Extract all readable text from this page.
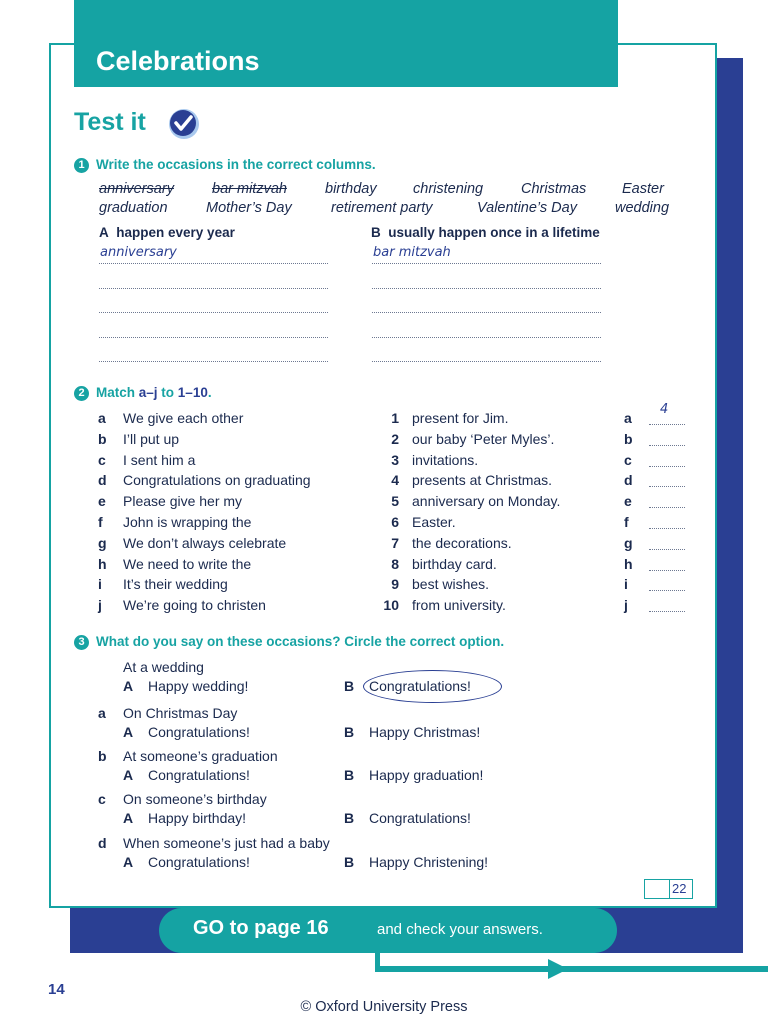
Celebrations
Test it
1 Write the occasions in the correct columns.
anniversary	bar mitzvah	birthday	christening	Christmas Easter
graduation	Mother’s Day	retirement party	Valentine’s Day	wedding
A happen every year	B usually happen once in a lifetime
anniversary	bar mitzvah
2 Match a–j to 1–10.
a We give each other	1 present for Jim.	a
b I’ll put up	2 our baby ‘Peter Myles’.	b
c I sent him a	3 invitations.	c
d Congratulations on graduating	4 presents at Christmas.	d
e Please give her my	5 anniversary on Monday.	e
f John is wrapping the	6 Easter.	f
g We don’t always celebrate	7 the decorations.	g
h We need to write the	8 birthday card.	h
i It’s their wedding	9 best wishes.	i
j We’re going to christen	10 from university.	j
4
3 What do you say on these occasions? Circle the correct option.
At a wedding
A Happy wedding!	B Congratulations!
a On Christmas Day
A Congratulations!	B Happy Christmas!
b At someone’s graduation
A Congratulations!	B Happy graduation!
c On someone’s birthday
A Happy birthday!	B Congratulations!
d When someone’s just had a baby
A Congratulations!	B Happy Christening!
22
GO to page 16	and check your answers.
14
© Oxford University Press
